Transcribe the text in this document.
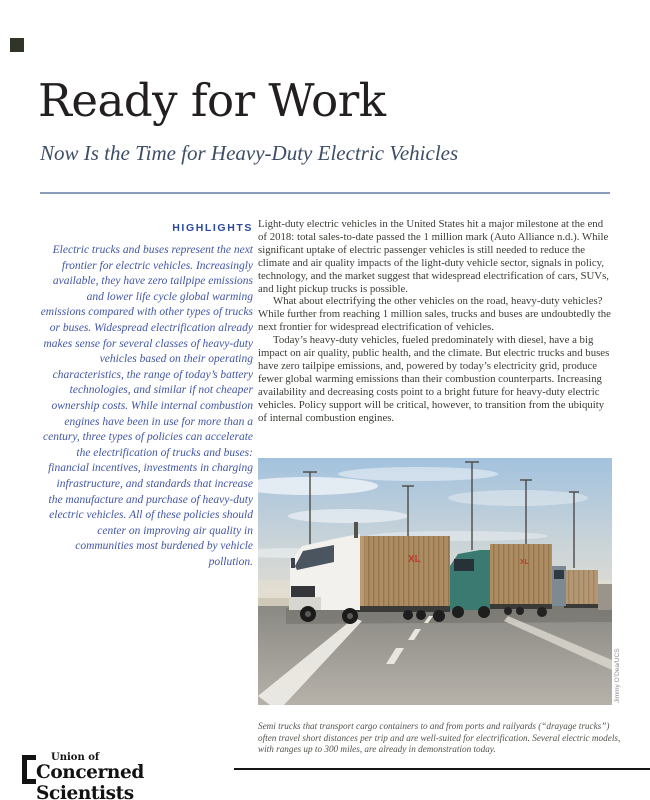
Ready for Work
Now Is the Time for Heavy-Duty Electric Vehicles
HIGHLIGHTS

Electric trucks and buses represent the next frontier for electric vehicles. Increasingly available, they have zero tailpipe emissions and lower life cycle global warming emissions compared with other types of trucks or buses. Widespread electrification already makes sense for several classes of heavy-duty vehicles based on their operating characteristics, the range of today’s battery technologies, and similar if not cheaper ownership costs. While internal combustion engines have been in use for more than a century, three types of policies can accelerate the electrification of trucks and buses: financial incentives, investments in charging infrastructure, and standards that increase the manufacture and purchase of heavy-duty electric vehicles. All of these policies should center on improving air quality in communities most burdened by vehicle pollution.

Light-duty electric vehicles in the United States hit a major milestone at the end of 2018: total sales-to-date passed the 1 million mark (Auto Alliance n.d.). While significant uptake of electric passenger vehicles is still needed to reduce the climate and air quality impacts of the light-duty vehicle sector, signals in policy, technology, and the market suggest that widespread electrification of cars, SUVs, and light pickup trucks is possible.

What about electrifying the other vehicles on the road, heavy-duty vehicles? While further from reaching 1 million sales, trucks and buses are undoubtedly the next frontier for widespread electrification of vehicles.

Today’s heavy-duty vehicles, fueled predominately with diesel, have a big impact on air quality, public health, and the climate. But electric trucks and buses have zero tailpipe emissions, and, powered by today’s electricity grid, produce fewer global warming emissions than their combustion counterparts. Increasing availability and decreasing costs point to a bright future for heavy-duty electric vehicles. Policy support will be critical, however, to transition from the ubiquity of internal combustion engines.

XL
XL
Jimmy O’Dea/UCS

Semi trucks that transport cargo containers to and from ports and railyards (“drayage trucks”) often travel short distances per trip and are well-suited for electrification. Several electric models, with ranges up to 300 miles, are already in demonstration today.

Union of

Concerned Scientists
